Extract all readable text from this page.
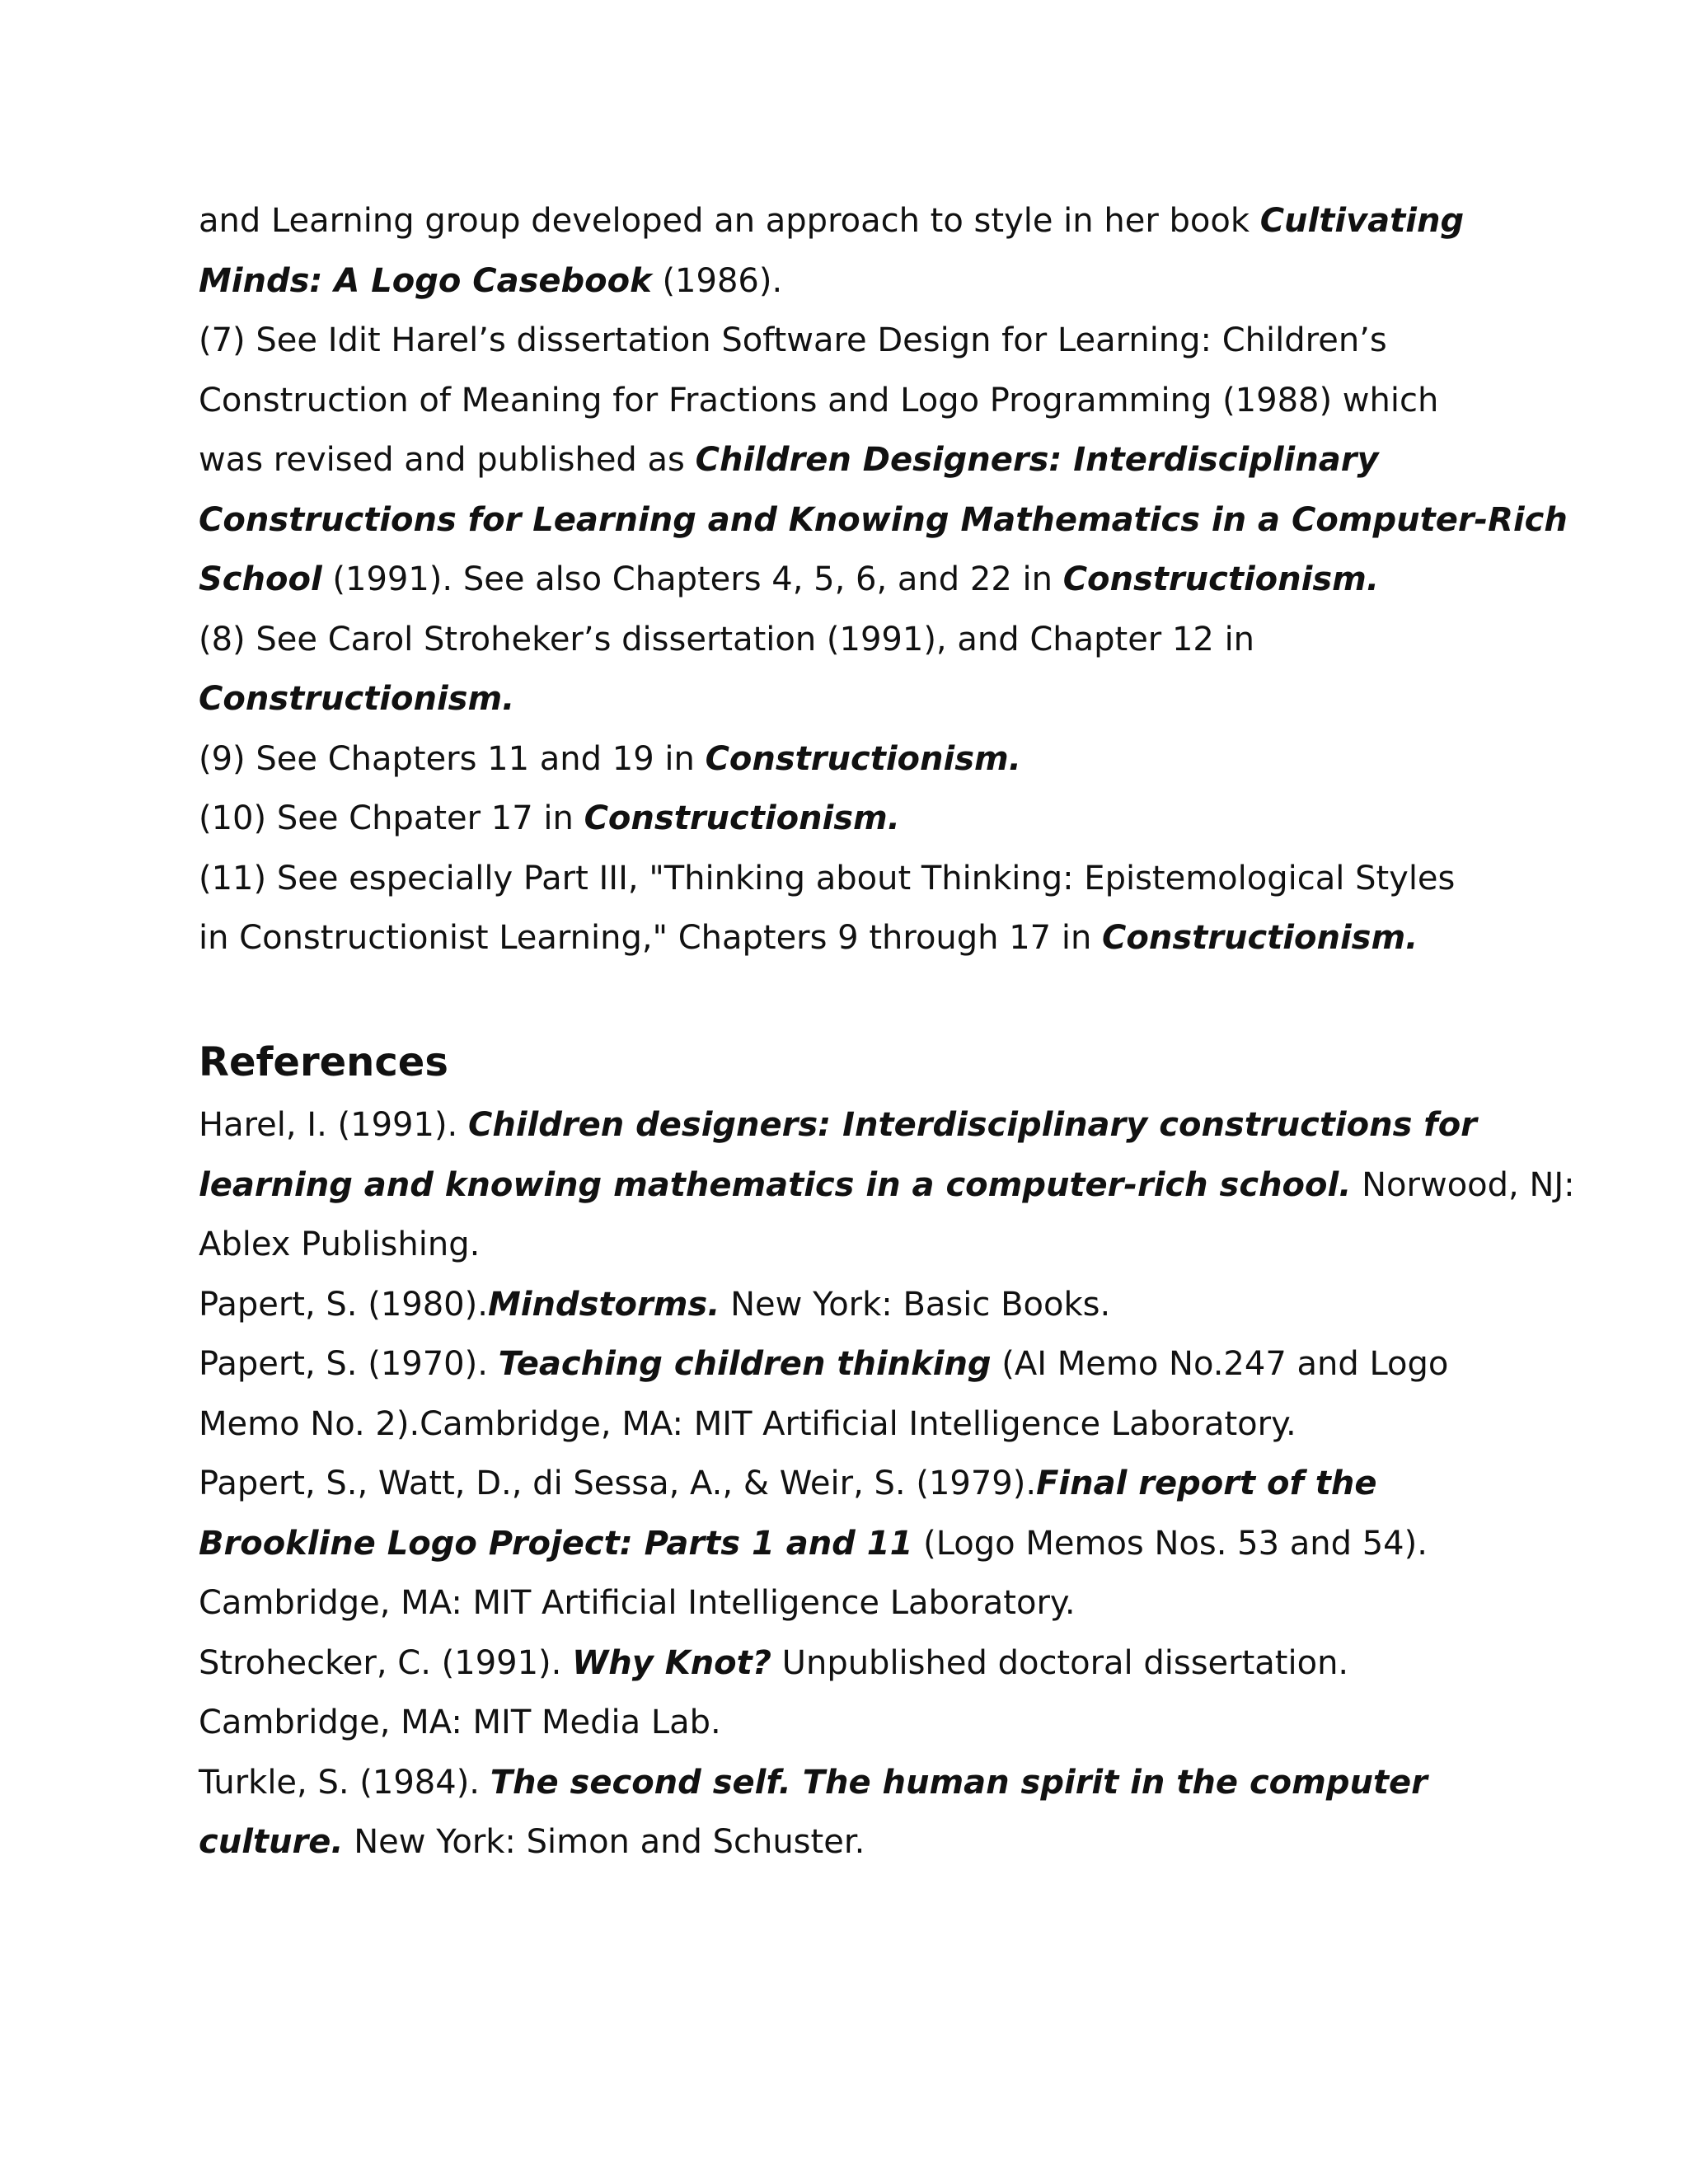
and Learning group developed an approach to style in her book Cultivating
Minds: A Logo Casebook (1986).
(7) See Idit Harel’s dissertation Software Design for Learning: Children’s
Construction of Meaning for Fractions and Logo Programming (1988) which
was revised and published as Children Designers: Interdisciplinary
Constructions for Learning and Knowing Mathematics in a Computer-Rich
School (1991). See also Chapters 4, 5, 6, and 22 in Constructionism.
(8) See Carol Stroheker’s dissertation (1991), and Chapter 12 in
Constructionism.
(9) See Chapters 11 and 19 in Constructionism.
(10) See Chpater 17 in Constructionism.
(11) See especially Part III, "Thinking about Thinking: Epistemological Styles
in Constructionist Learning," Chapters 9 through 17 in Constructionism.
References
Harel, I. (1991). Children designers: Interdisciplinary constructions for
learning and knowing mathematics in a computer-rich school. Norwood, NJ:
Ablex Publishing.
Papert, S. (1980).Mindstorms. New York: Basic Books.
Papert, S. (1970). Teaching children thinking (AI Memo No.247 and Logo
Memo No. 2).Cambridge, MA: MIT Artificial Intelligence Laboratory.
Papert, S., Watt, D., di Sessa, A., & Weir, S. (1979).Final report of the
Brookline Logo Project: Parts 1 and 11 (Logo Memos Nos. 53 and 54).
Cambridge, MA: MIT Artificial Intelligence Laboratory.
Strohecker, C. (1991). Why Knot? Unpublished doctoral dissertation.
Cambridge, MA: MIT Media Lab.
Turkle, S. (1984). The second self. The human spirit in the computer
culture. New York: Simon and Schuster.
